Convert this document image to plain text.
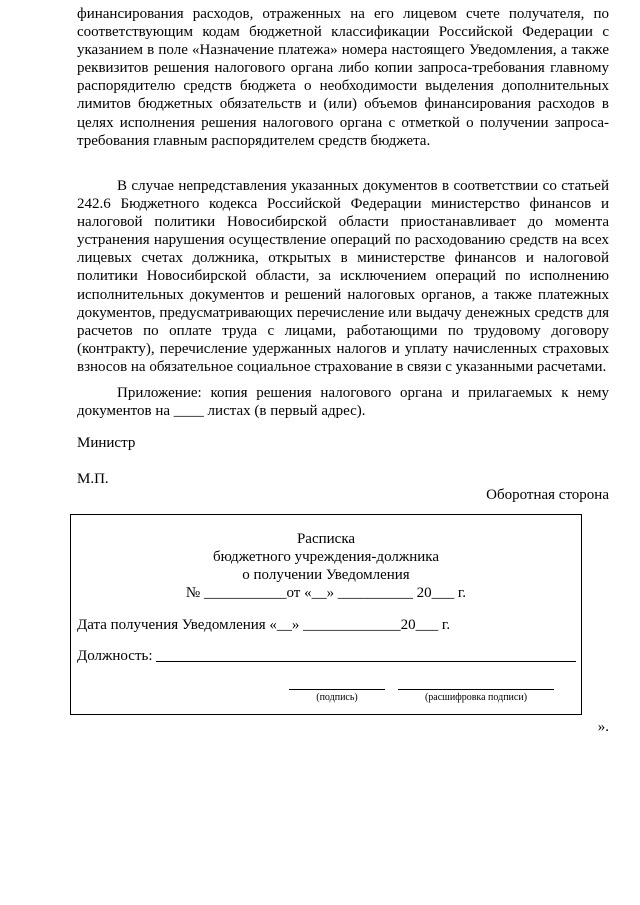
финансирования расходов, отраженных на его лицевом счете получателя, по соответствующим кодам бюджетной классификации Российской Федерации с указанием в поле «Назначение платежа» номера настоящего Уведомления, а также реквизитов решения налогового органа либо копии запроса-требования главному распорядителю средств бюджета о необходимости выделения дополнительных лимитов бюджетных обязательств и (или) объемов финансирования расходов в целях исполнения решения налогового органа с отметкой о получении запроса-требования главным распорядителем средств бюджета.

В случае непредставления указанных документов в соответствии со статьей 242.6 Бюджетного кодекса Российской Федерации министерство финансов и налоговой политики Новосибирской области приостанавливает до момента устранения нарушения осуществление операций по расходованию средств на всех лицевых счетах должника, открытых в министерстве финансов и налоговой политики Новосибирской области, за исключением операций по исполнению исполнительных документов и решений налоговых органов, а также платежных документов, предусматривающих перечисление или выдачу денежных средств для расчетов по оплате труда с лицами, работающими по трудовому договору (контракту), перечисление удержанных налогов и уплату начисленных страховых взносов на обязательное социальное страхование в связи с указанными расчетами.

Приложение: копия решения налогового органа и прилагаемых к нему документов на ____ листах (в первый адрес).

Министр

М.П.

Оборотная сторона

Расписка
бюджетного учреждения-должника
о получении Уведомления
№ ___________от «__» __________ 20___ г.
Дата получения Уведомления «__» _____________20___ г.
Должность:
(подпись)	(расшифровка подписи)

».
